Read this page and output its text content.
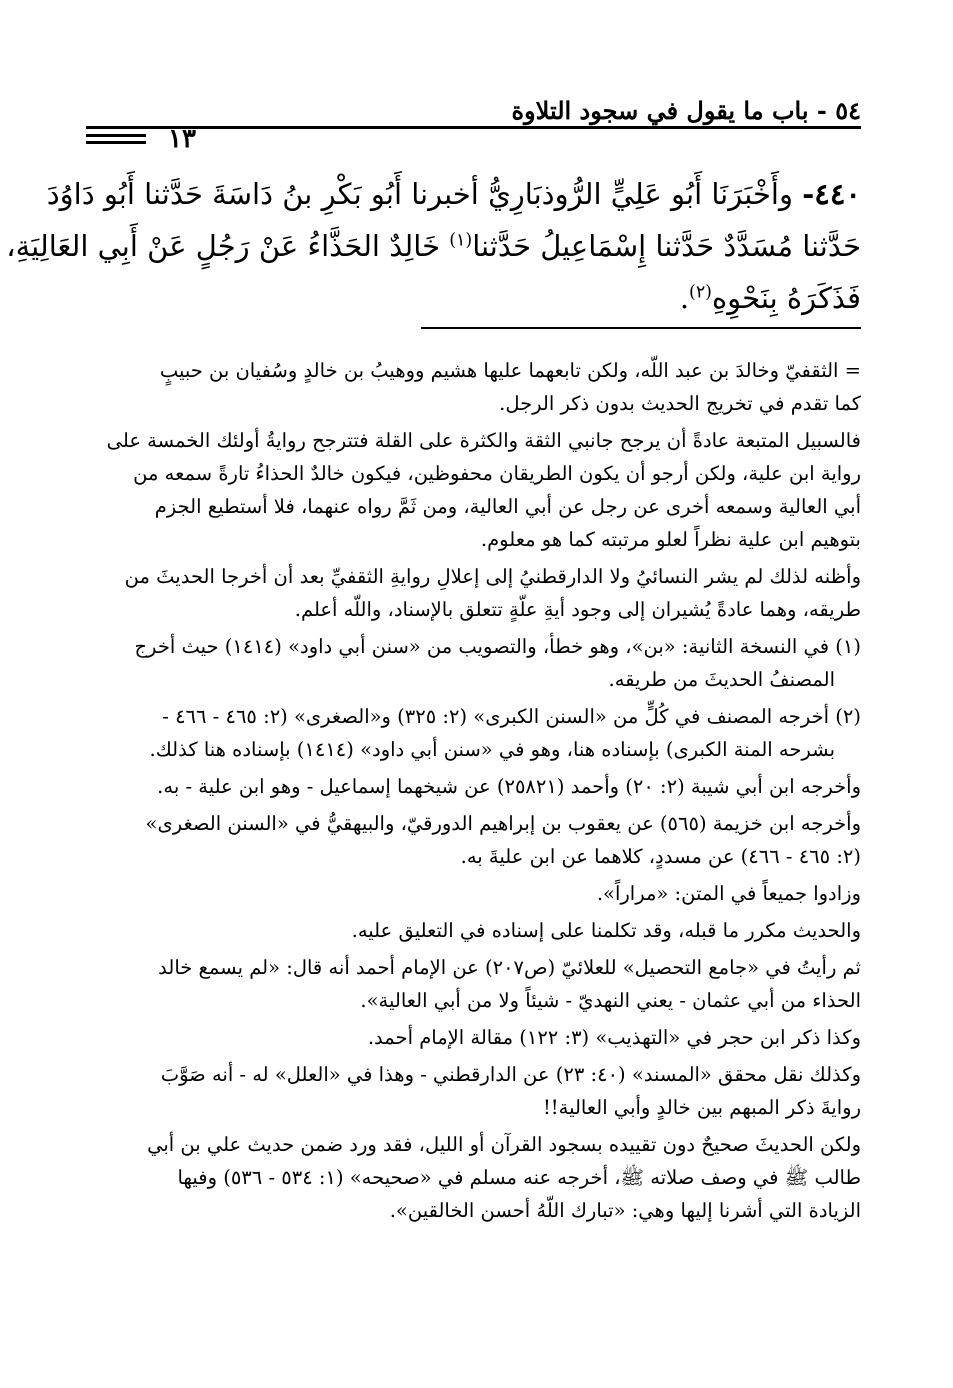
٥٤ - باب ما يقول في سجود التلاوة
١٣
٤٤٠- وأَخْبَرَنَا أَبُو عَلِيٍّ الرُّوذبَارِيُّ أخبرنا أَبُو بَكْرِ بنُ دَاسَةَ حَدَّثنا أَبُو دَاوُدَ
حَدَّثنا مُسَدَّدٌ حَدَّثنا إِسْمَاعِيلُ حَدَّثنا$^{(١)}$ خَالِدٌ الحَذَّاءُ عَنْ رَجُلٍ عَنْ أَبِي العَالِيَةِ،
فَذَكَرَهُ بِنَحْوِهِ$^{(٢)}$.

= الثقفيّ وخالدَ بن عبد اللّه، ولكن تابعهما عليها هشيم ووهيبُ بن خالدٍ وسُفيان بن حبيبٍ
كما تقدم في تخريج الحديث بدون ذكر الرجل.

فالسبيل المتبعة عادةً أن يرجح جانبي الثقة والكثرة على القلة فتترجح روايةُ أولئك الخمسة على
رواية ابن علية، ولكن أرجو أن يكون الطريقان محفوظين، فيكون خالدٌ الحذاءُ تارةً سمعه من
أبي العالية وسمعه أخرى عن رجل عن أبي العالية، ومن ثَمَّ رواه عنهما، فلا أستطيع الجزم
بتوهيم ابن علية نظراً لعلو مرتبته كما هو معلوم.

وأظنه لذلك لم يشر النسائيُ ولا الدارقطنيُ إلى إعلالِ روايةِ الثقفيِّ بعد أن أخرجا الحديثَ من
طريقه، وهما عادةً يُشيران إلى وجود أيةِ علّةٍ تتعلق بالإسناد، واللّه أعلم.

(١) في النسخة الثانية: «بن»، وهو خطأ، والتصويب من «سنن أبي داود» (١٤١٤) حيث أخرج
المصنفُ الحديثَ من طريقه.

(٢) أخرجه المصنف في كُلٍّ من «السنن الكبرى» (٢: ٣٢٥) و«الصغرى» (٢: ٤٦٥ - ٤٦٦ -
بشرحه المنة الكبرى) بإسناده هنا، وهو في «سنن أبي داود» (١٤١٤) بإسناده هنا كذلك.

وأخرجه ابن أبي شيبة (٢: ٢٠) وأحمد (٢٥٨٢١) عن شيخهما إسماعيل - وهو ابن علية - به.

وأخرجه ابن خزيمة (٥٦٥) عن يعقوب بن إبراهيم الدورقيّ، والبيهقيُّ في «السنن الصغرى»
(٢: ٤٦٥ - ٤٦٦) عن مسددٍ، كلاهما عن ابن عليةَ به.

وزادوا جميعاً في المتن: «مراراً».

والحديث مكرر ما قبله، وقد تكلمنا على إسناده في التعليق عليه.

ثم رأيتُ في «جامع التحصيل» للعلائيّ (ص٢٠٧) عن الإمام أحمد أنه قال: «لم يسمع خالد
الحذاء من أبي عثمان - يعني النهديّ - شيئاً ولا من أبي العالية».

وكذا ذكر ابن حجر في «التهذيب» (٣: ١٢٢) مقالة الإمام أحمد.

وكذلك نقل محقق «المسند» (٤٠: ٢٣) عن الدارقطني - وهذا في «العلل» له - أنه صَوَّبَ
روايةَ ذكر المبهم بين خالدٍ وأبي العالية!!

ولكن الحديثَ صحيحٌ دون تقييده بسجود القرآن أو الليل، فقد ورد ضمن حديث علي بن أبي
طالب ﷺ في وصف صلاته ﷺ، أخرجه عنه مسلم في «صحيحه» (١: ٥٣٤ - ٥٣٦) وفيها
الزيادة التي أشرنا إليها وهي: «تبارك اللّهُ أحسن الخالقين».
